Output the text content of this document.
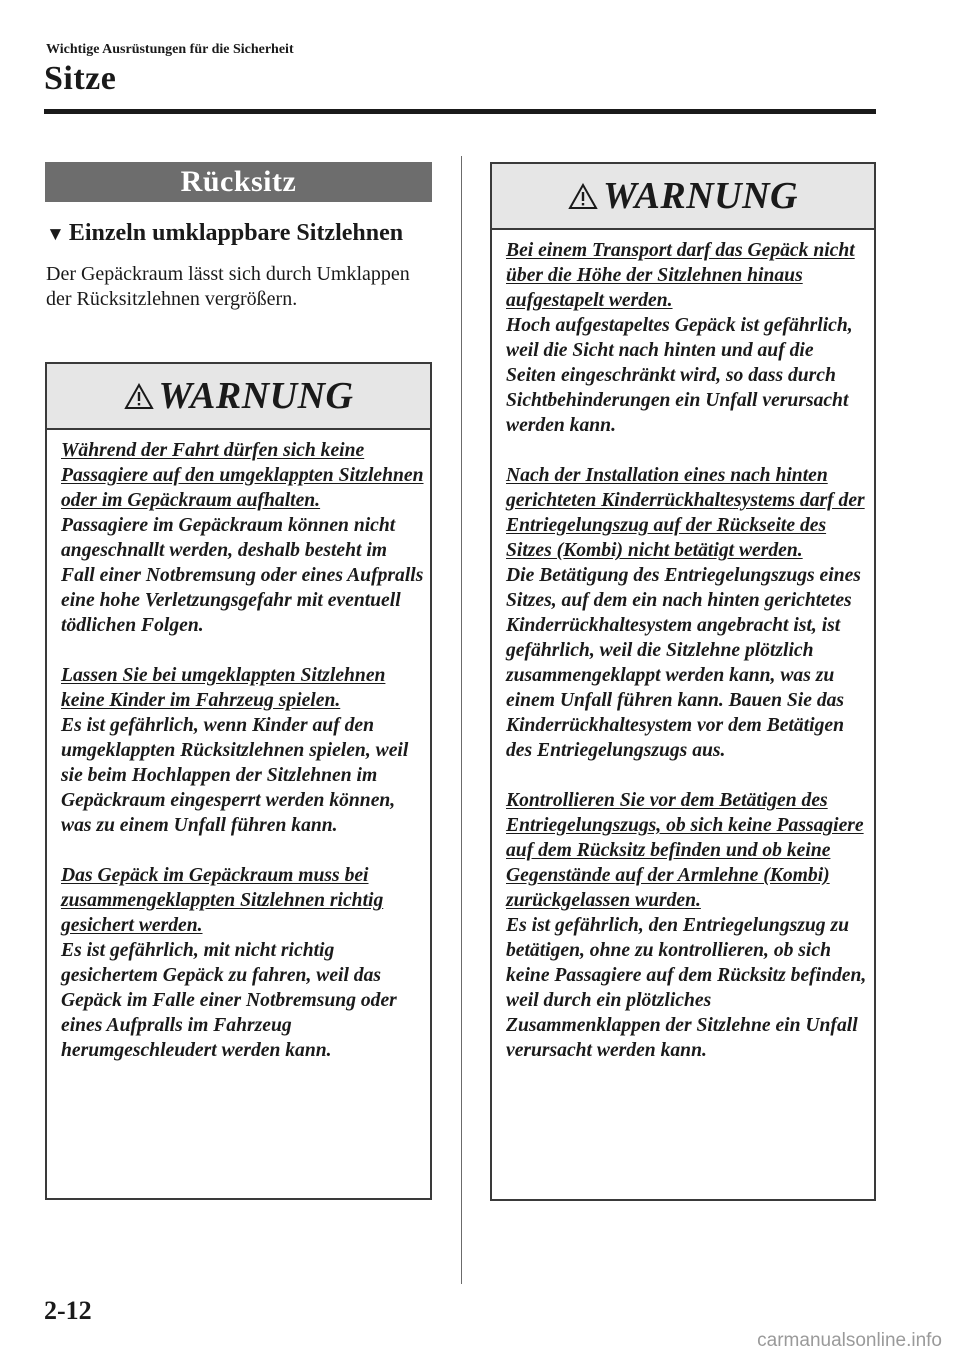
Wichtige Ausrüstungen für die Sicherheit
Sitze
Rücksitz
▼ Einzeln umklappbare Sitzlehnen
Der Gepäckraum lässt sich durch Umklappen der Rücksitzlehnen vergrößern.
WARNUNG

Während der Fahrt dürfen sich keine Passagiere auf den umgeklappten Sitzlehnen oder im Gepäckraum aufhalten.
Passagiere im Gepäckraum können nicht angeschnallt werden, deshalb besteht im Fall einer Notbremsung oder eines Aufpralls eine hohe Verletzungsgefahr mit eventuell tödlichen Folgen.

Lassen Sie bei umgeklappten Sitzlehnen keine Kinder im Fahrzeug spielen.
Es ist gefährlich, wenn Kinder auf den umgeklappten Rücksitzlehnen spielen, weil sie beim Hochlappen der Sitzlehnen im Gepäckraum eingesperrt werden können, was zu einem Unfall führen kann.

Das Gepäck im Gepäckraum muss bei zusammengeklappten Sitzlehnen richtig gesichert werden.
Es ist gefährlich, mit nicht richtig gesichertem Gepäck zu fahren, weil das Gepäck im Falle einer Notbremsung oder eines Aufpralls im Fahrzeug herumgeschleudert werden kann.

WARNUNG

Bei einem Transport darf das Gepäck nicht über die Höhe der Sitzlehnen hinaus aufgestapelt werden.
Hoch aufgestapeltes Gepäck ist gefährlich, weil die Sicht nach hinten und auf die Seiten eingeschränkt wird, so dass durch Sichtbehinderungen ein Unfall verursacht werden kann.

Nach der Installation eines nach hinten gerichteten Kinderrückhaltesystems darf der Entriegelungszug auf der Rückseite des Sitzes (Kombi) nicht betätigt werden.
Die Betätigung des Entriegelungszugs eines Sitzes, auf dem ein nach hinten gerichtetes Kinderrückhaltesystem angebracht ist, ist gefährlich, weil die Sitzlehne plötzlich zusammengeklappt werden kann, was zu einem Unfall führen kann. Bauen Sie das Kinderrückhaltesystem vor dem Betätigen des Entriegelungszugs aus.

Kontrollieren Sie vor dem Betätigen des Entriegelungszugs, ob sich keine Passagiere auf dem Rücksitz befinden und ob keine Gegenstände auf der Armlehne (Kombi) zurückgelassen wurden.
Es ist gefährlich, den Entriegelungszug zu betätigen, ohne zu kontrollieren, ob sich keine Passagiere auf dem Rücksitz befinden, weil durch ein plötzliches Zusammenklappen der Sitzlehne ein Unfall verursacht werden kann.

2-12
carmanualsonline.info
